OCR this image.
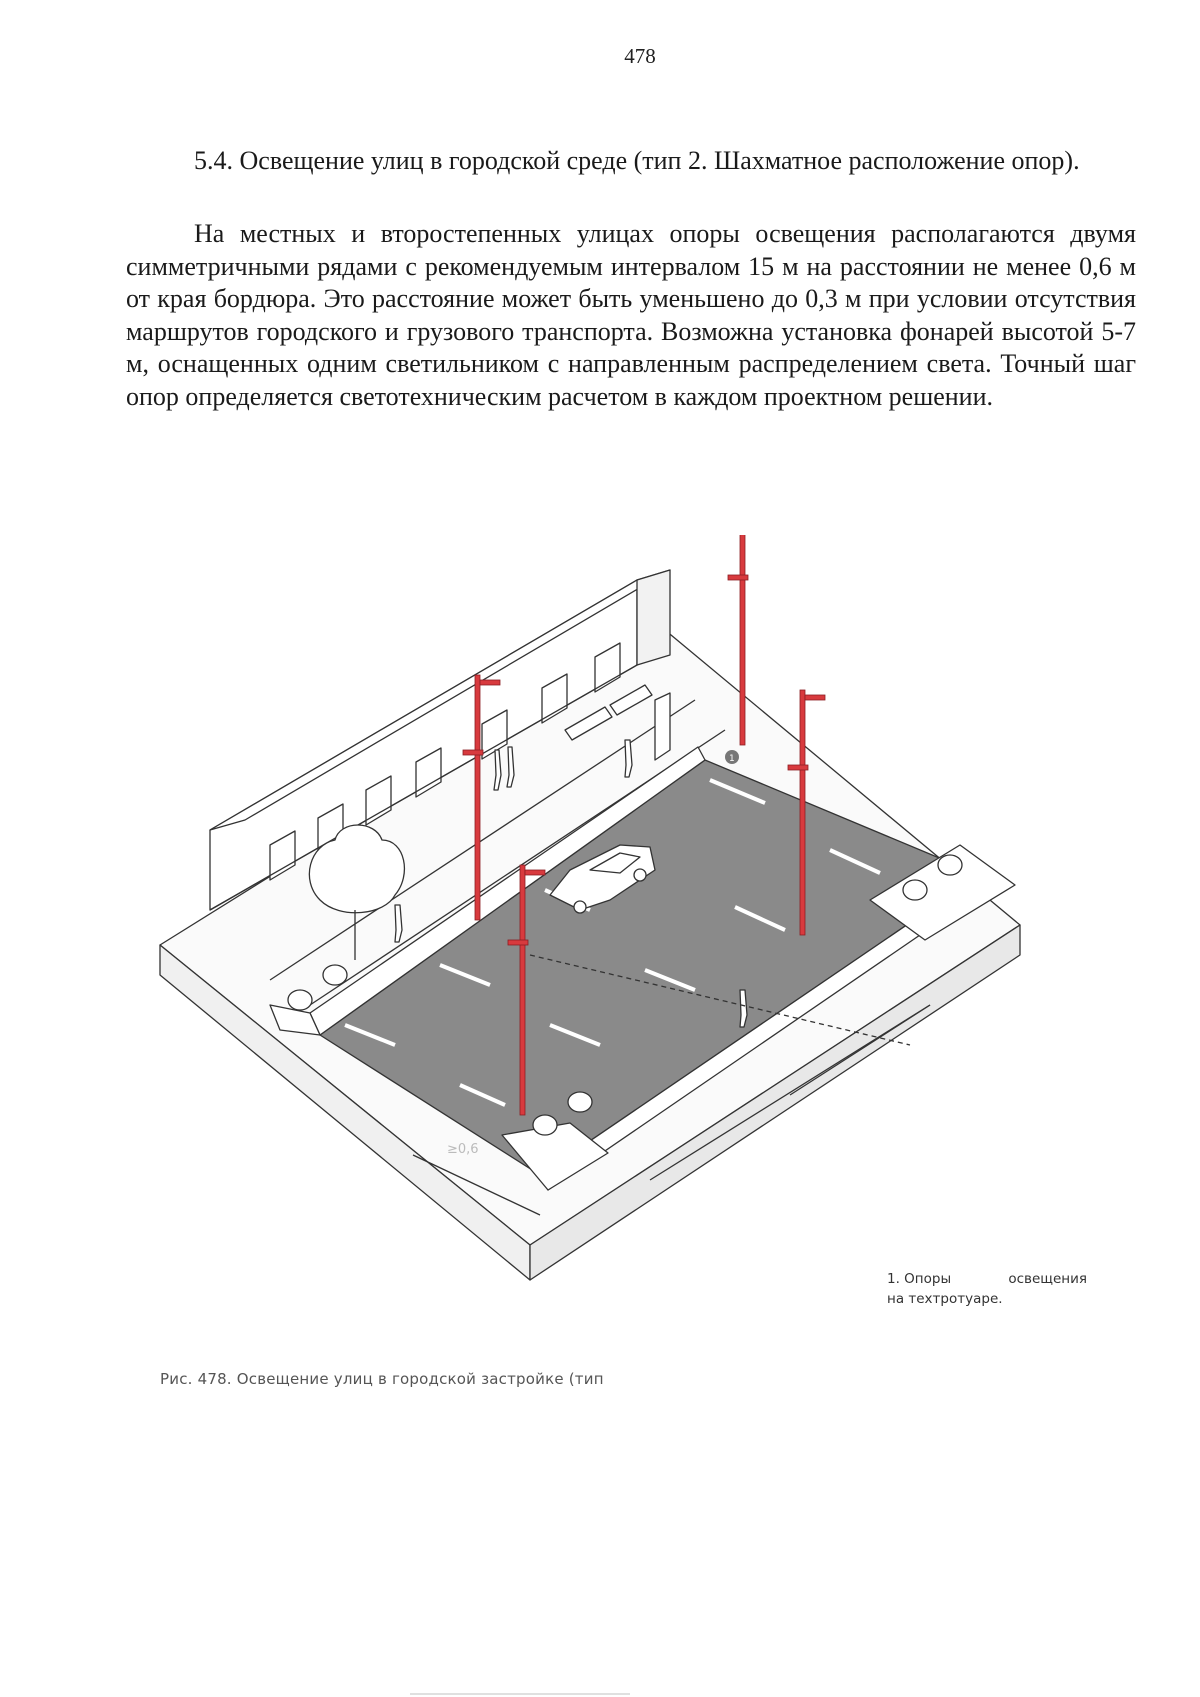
478

5.4. Освещение улиц в городской среде (тип 2. Шахматное расположение опор).

На местных и второстепенных улицах опоры освещения располагаются двумя симметричными рядами с рекомендуемым интервалом 15 м на расстоянии не менее 0,6 м от края бордюра. Это расстояние может быть уменьшено до 0,3 м при условии отсутствия маршрутов городского и грузового транспорта. Возможна установка фонарей высотой 5-7 м, оснащенных одним светильником с направленным распределением света. Точный шаг опор определяется светотехническим расчетом в каждом проектном решении.

1
≥0,6
1. Опоры	освещения
на техтротуаре.
Рис. 478. Освещение улиц в городской застройке (тип
